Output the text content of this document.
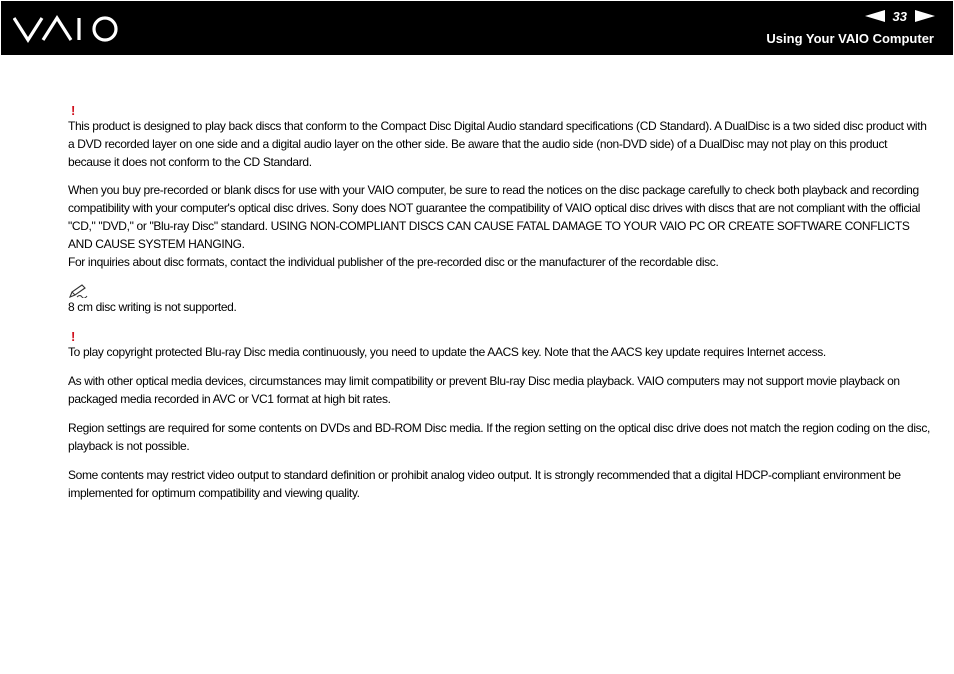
33
Using Your VAIO Computer
!

This product is designed to play back discs that conform to the Compact Disc Digital Audio standard specifications (CD Standard). A DualDisc is a two sided disc product with a DVD recorded layer on one side and a digital audio layer on the other side. Be aware that the audio side (non-DVD side) of a DualDisc may not play on this product because it does not conform to the CD Standard.

When you buy pre-recorded or blank discs for use with your VAIO computer, be sure to read the notices on the disc package carefully to check both playback and recording compatibility with your computer's optical disc drives. Sony does NOT guarantee the compatibility of VAIO optical disc drives with discs that are not compliant with the official "CD," "DVD," or "Blu-ray Disc" standard. USING NON-COMPLIANT DISCS CAN CAUSE FATAL DAMAGE TO YOUR VAIO PC OR CREATE SOFTWARE CONFLICTS AND CAUSE SYSTEM HANGING.

For inquiries about disc formats, contact the individual publisher of the pre-recorded disc or the manufacturer of the recordable disc.

8 cm disc writing is not supported.

!

To play copyright protected Blu-ray Disc media continuously, you need to update the AACS key. Note that the AACS key update requires Internet access.

As with other optical media devices, circumstances may limit compatibility or prevent Blu-ray Disc media playback. VAIO computers may not support movie playback on packaged media recorded in AVC or VC1 format at high bit rates.

Region settings are required for some contents on DVDs and BD-ROM Disc media. If the region setting on the optical disc drive does not match the region coding on the disc, playback is not possible.

Some contents may restrict video output to standard definition or prohibit analog video output. It is strongly recommended that a digital HDCP-compliant environment be implemented for optimum compatibility and viewing quality.
